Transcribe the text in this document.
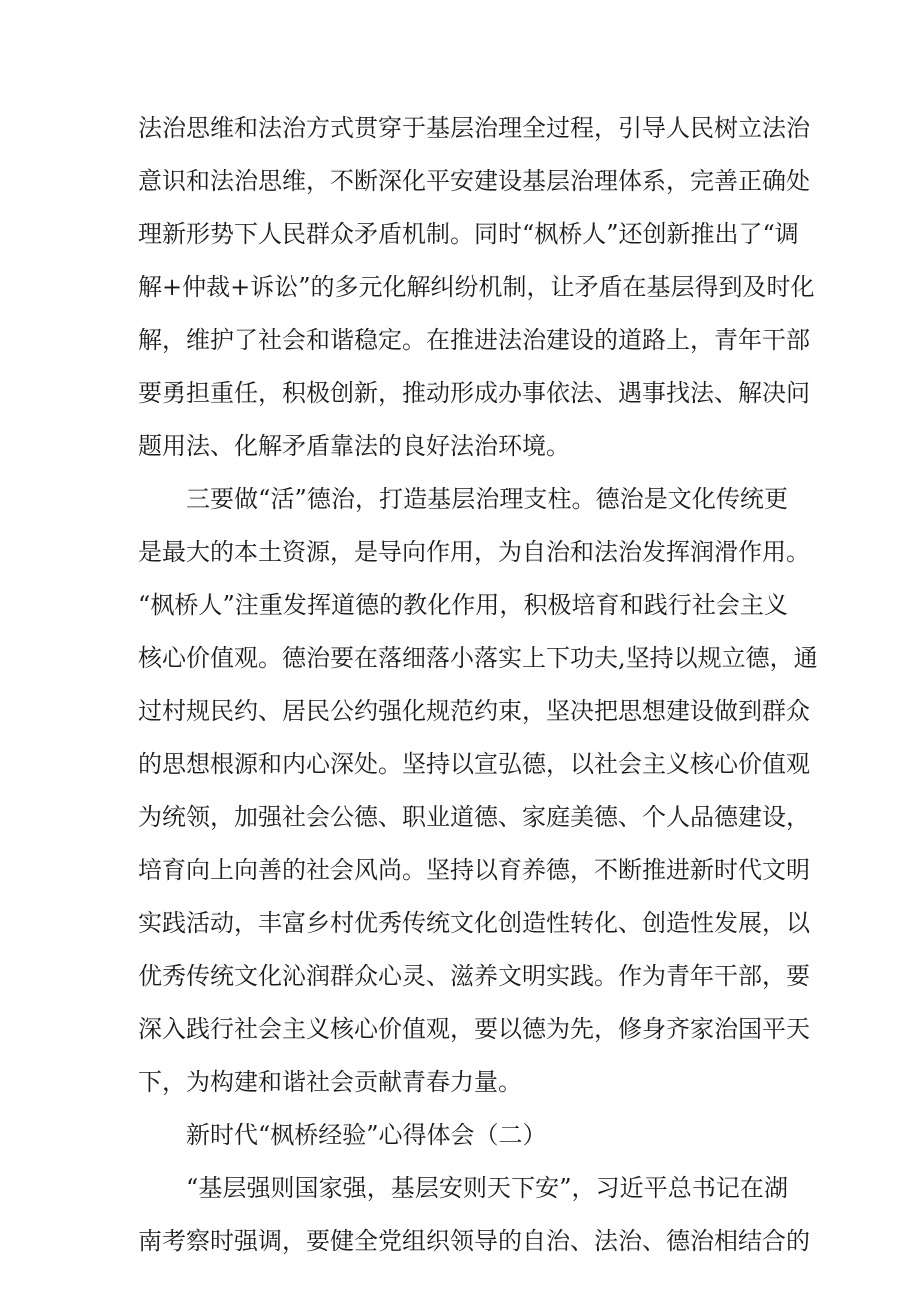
法治思维和法治方式贯穿于基层治理全过程，引导人民树立法治
意识和法治思维，不断深化平安建设基层治理体系，完善正确处
理新形势下人民群众矛盾机制。同时“枫桥人”还创新推出了“调
解+仲裁+诉讼”的多元化解纠纷机制，让矛盾在基层得到及时化
解，维护了社会和谐稳定。在推进法治建设的道路上，青年干部
要勇担重任，积极创新，推动形成办事依法、遇事找法、解决问
题用法、化解矛盾靠法的良好法治环境。
三要做“活”德治，打造基层治理支柱。德治是文化传统更
是最大的本土资源，是导向作用，为自治和法治发挥润滑作用。
“枫桥人”注重发挥道德的教化作用，积极培育和践行社会主义
核心价值观。德治要在落细落小落实上下功夫,坚持以规立德，通
过村规民约、居民公约强化规范约束，坚决把思想建设做到群众
的思想根源和内心深处。坚持以宣弘德，以社会主义核心价值观
为统领，加强社会公德、职业道德、家庭美德、个人品德建设，
培育向上向善的社会风尚。坚持以育养德，不断推进新时代文明
实践活动，丰富乡村优秀传统文化创造性转化、创造性发展，以
优秀传统文化沁润群众心灵、滋养文明实践。作为青年干部，要
深入践行社会主义核心价值观，要以德为先，修身齐家治国平天
下，为构建和谐社会贡献青春力量。
新时代“枫桥经验”心得体会（二）
“基层强则国家强，基层安则天下安”，习近平总书记在湖
南考察时强调，要健全党组织领导的自治、法治、德治相结合的
